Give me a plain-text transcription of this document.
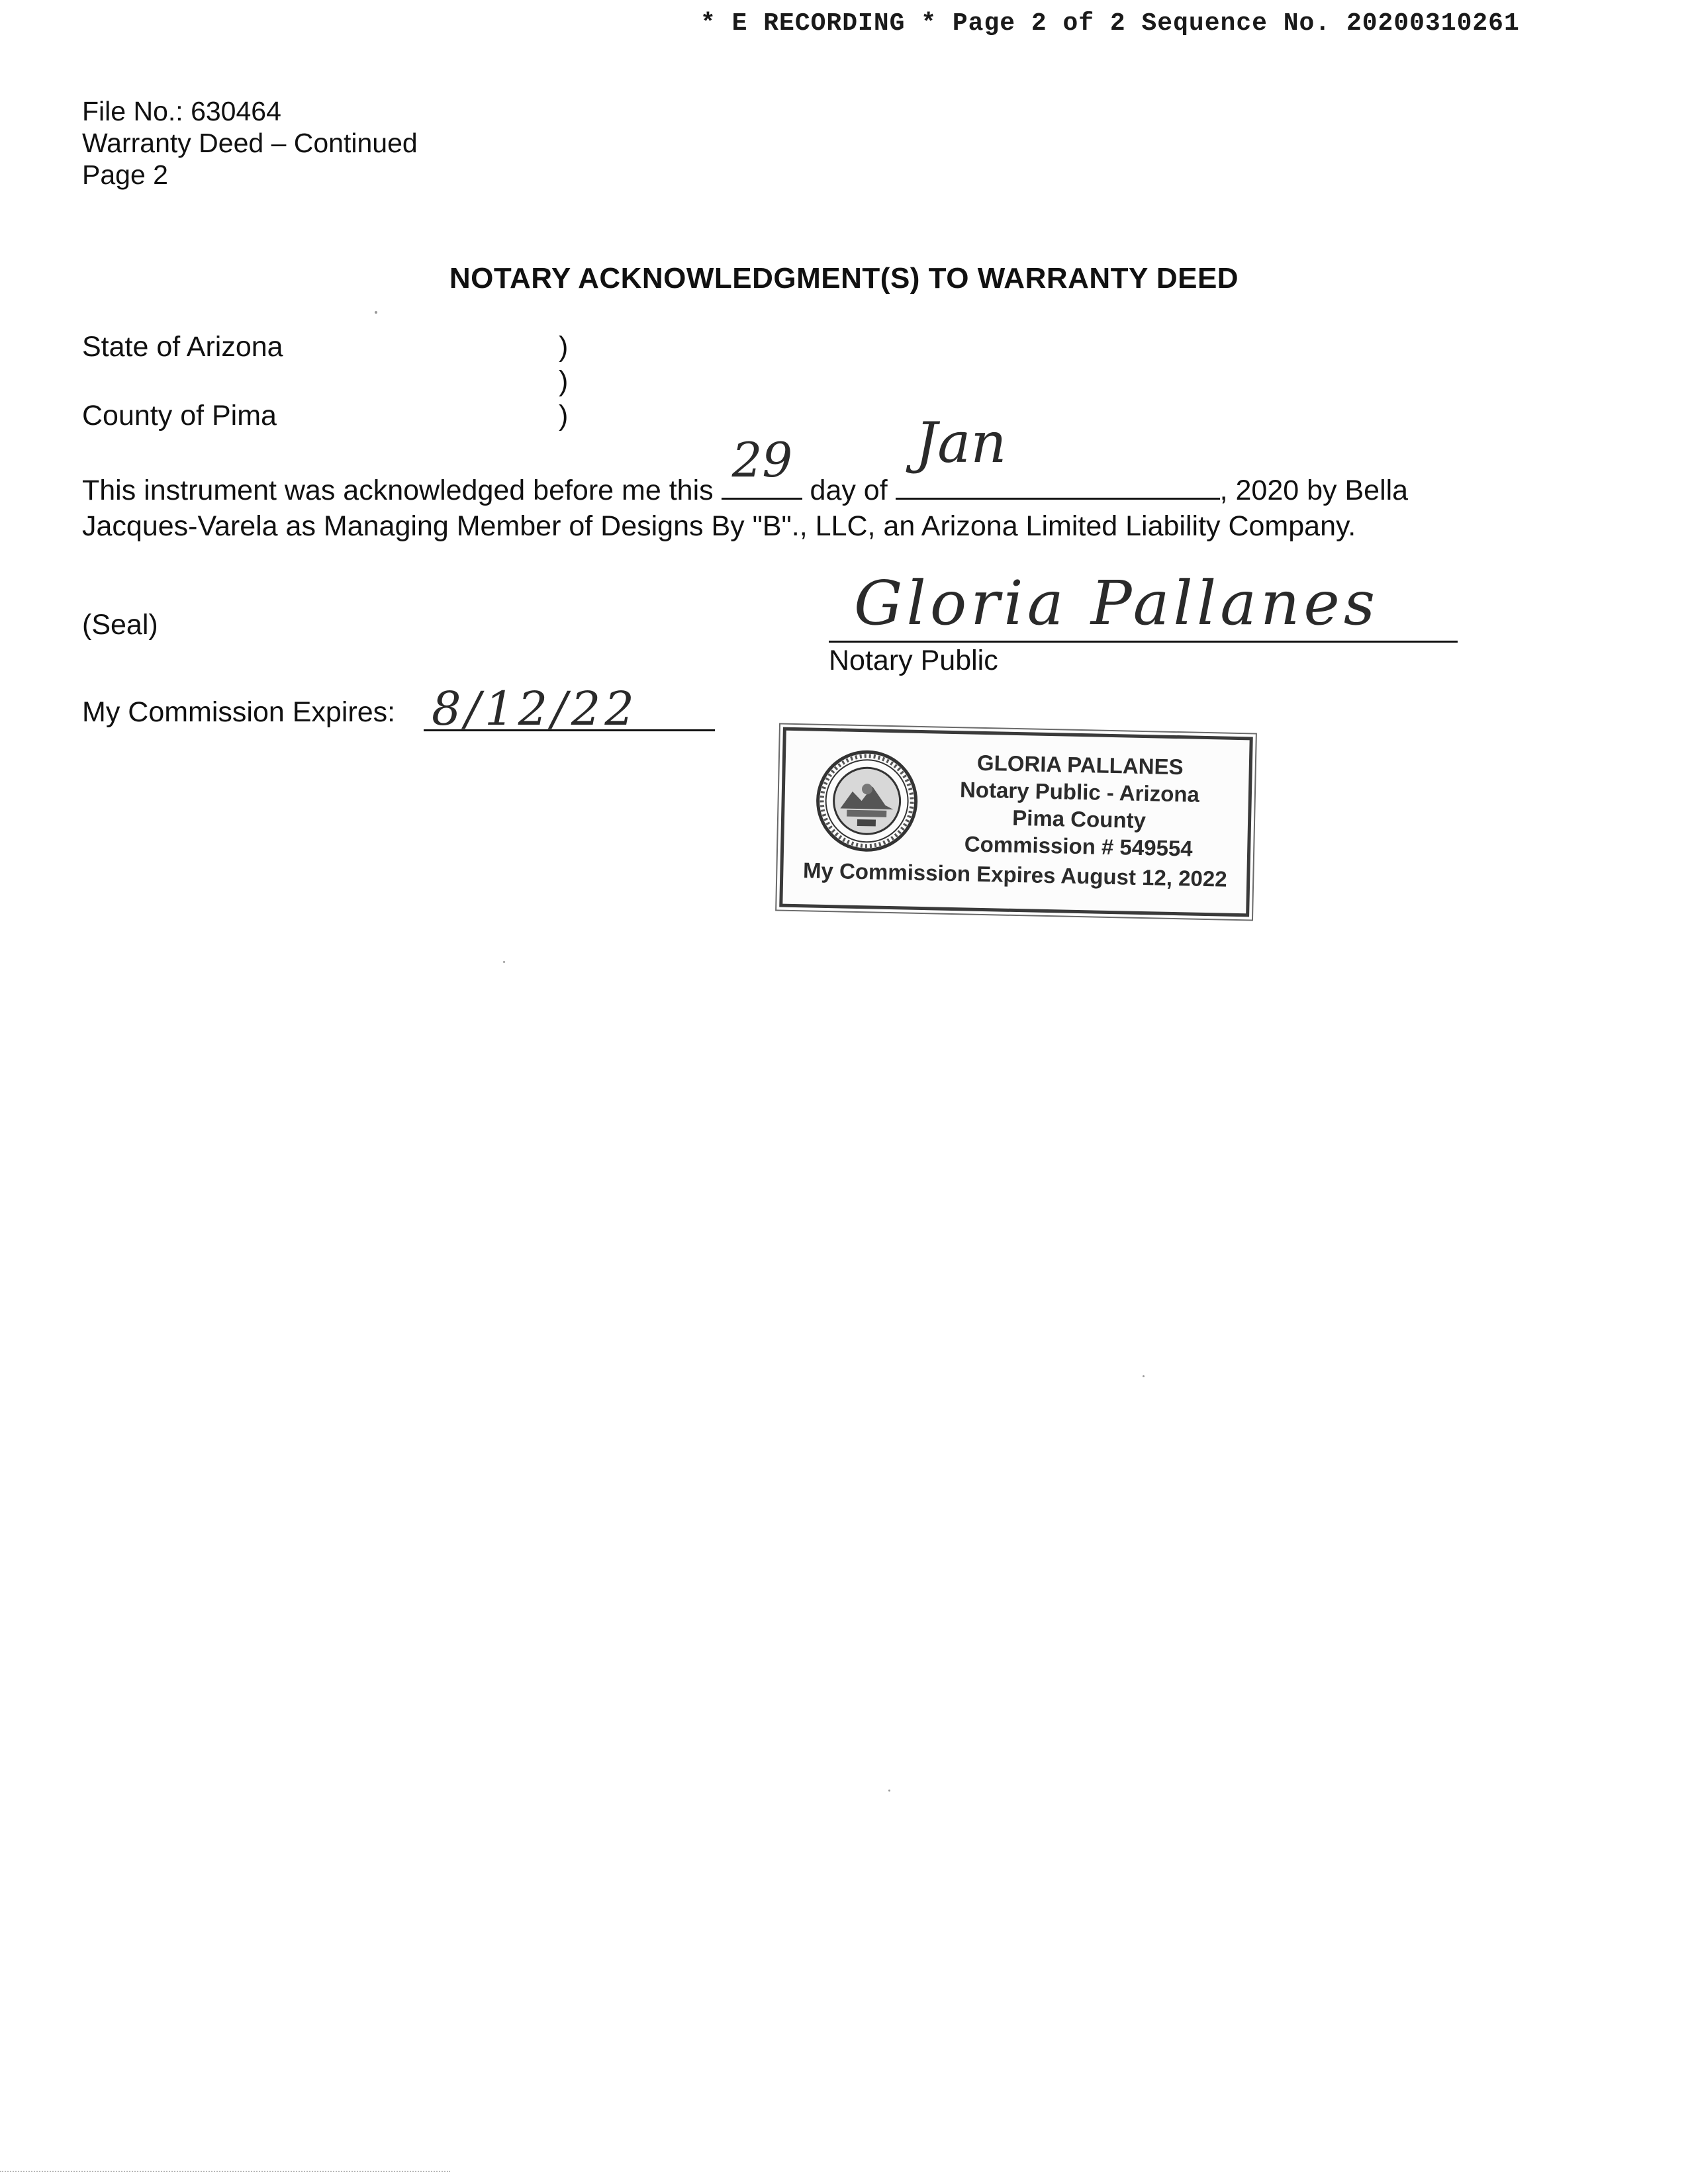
* E RECORDING * Page 2 of 2 Sequence No. 20200310261
File No.: 630464
Warranty Deed – Continued
Page 2
NOTARY ACKNOWLEDGMENT(S) TO WARRANTY DEED
State of Arizona
County of Pima
)
)
)
This instrument was acknowledged before me this
29
day of
Jan
, 2020 by Bella
Jacques-Varela as Managing Member of Designs By "B"., LLC, an Arizona Limited Liability Company.
(Seal)	Gloria Pallanes
Notary Public
My Commission Expires: 8/12/22
GLORIA PALLANES
Notary Public - Arizona
Pima County
Commission # 549554
My Commission Expires August 12, 2022
